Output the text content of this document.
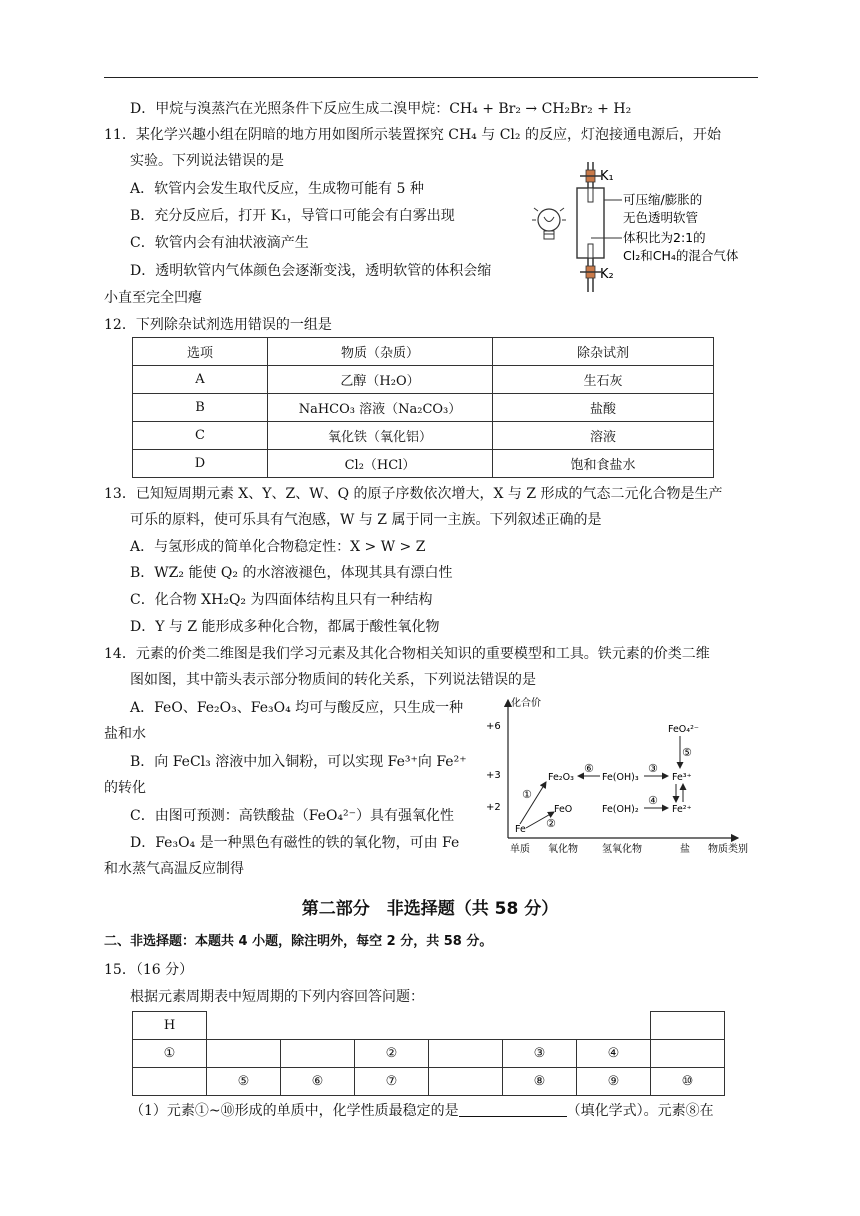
D．甲烷与溴蒸汽在光照条件下反应生成二溴甲烷：CH₄ + Br₂ → CH₂Br₂ + H₂
11．某化学兴趣小组在阴暗的地方用如图所示装置探究 CH₄ 与 Cl₂ 的反应，灯泡接通电源后，开始
实验。下列说法错误的是
A．软管内会发生取代反应，生成物可能有 5 种
B．充分反应后，打开 K₁，导管口可能会有白雾出现
C．软管内会有油状液滴产生
D．透明软管内气体颜色会逐渐变浅，透明软管的体积会缩
小直至完全凹瘪
K₁
K₂
可压缩/膨胀的
无色透明软管
体积比为2:1的
Cl₂和CH₄的混合气体
12．下列除杂试剂选用错误的一组是
选项	物质（杂质）	除杂试剂
A	乙醇（H₂O）	生石灰
B	NaHCO₃ 溶液（Na₂CO₃）	盐酸
C	氧化铁（氧化铝）	溶液
D	Cl₂（HCl）	饱和食盐水
13．已知短周期元素 X、Y、Z、W、Q 的原子序数依次增大，X 与 Z 形成的气态二元化合物是生产
可乐的原料，使可乐具有气泡感，W 与 Z 属于同一主族。下列叙述正确的是
A．与氢形成的简单化合物稳定性：X > W > Z
B．WZ₂ 能使 Q₂ 的水溶液褪色，体现其具有漂白性
C．化合物 XH₂Q₂ 为四面体结构且只有一种结构
D．Y 与 Z 能形成多种化合物，都属于酸性氧化物
14．元素的价类二维图是我们学习元素及其化合物相关知识的重要模型和工具。铁元素的价类二维
图如图，其中箭头表示部分物质间的转化关系，下列说法错误的是
A．FeO、Fe₂O₃、Fe₃O₄ 均可与酸反应，只生成一种
盐和水
B．向 FeCl₃ 溶液中加入铜粉，可以实现 Fe³⁺向 Fe²⁺
的转化
C．由图可预测：高铁酸盐（FeO₄²⁻）具有强氧化性
D．Fe₃O₄ 是一种黑色有磁性的铁的氧化物，可由 Fe
和水蒸气高温反应制得
化合价
+6
+3
+2
单质 氧化物 氢氧化物	盐 物质类别
FeO₄²⁻
Fe₂O₃	Fe(OH)₃	Fe³⁺
FeO	Fe(OH)₂	Fe²⁺
Fe
⑤
①
②
③
④
⑥
第二部分　非选择题（共 58 分）
二、非选择题：本题共 4 小题，除注明外，每空 2 分，共 58 分。
15．（16 分）
根据元素周期表中短周期的下列内容回答问题：
H							
①			②		③	④	
	⑤	⑥	⑦		⑧	⑨	⑩
（1）元素①~⑩形成的单质中，化学性质最稳定的是	（填化学式）。元素⑧在
